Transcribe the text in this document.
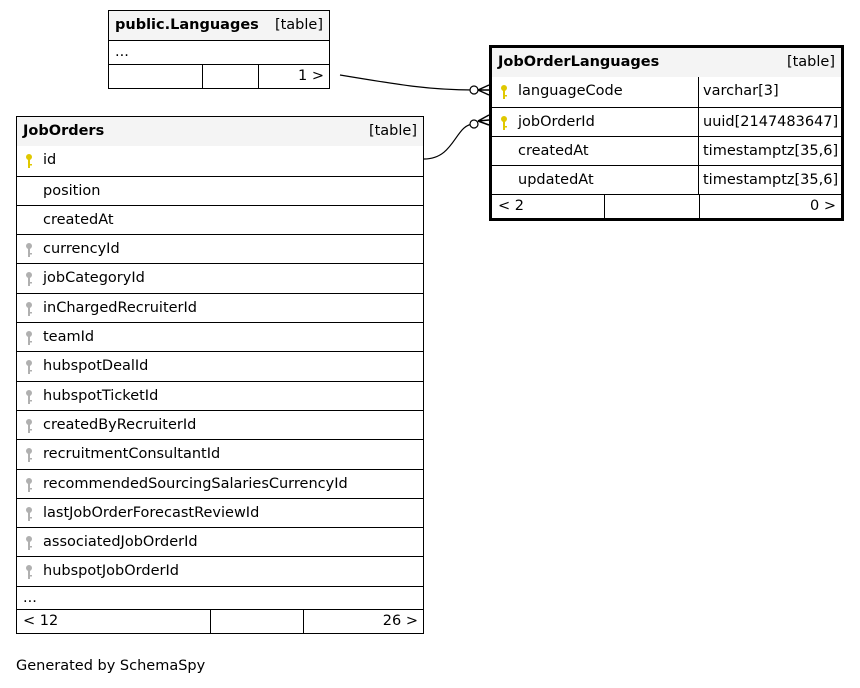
public.Languages [table]
...
1 >
JobOrderLanguages	[table]
languageCode	varchar[3]
jobOrderId	uuid[2147483647]
createdAt	timestamptz[35,6]
updatedAt	timestamptz[35,6]
< 2	0 >
JobOrders	[table]
id
position
createdAt
currencyId
jobCategoryId
inChargedRecruiterId
teamId
hubspotDealId
hubspotTicketId
createdByRecruiterId
recruitmentConsultantId
recommendedSourcingSalariesCurrencyId
lastJobOrderForecastReviewId
associatedJobOrderId
hubspotJobOrderId
...
< 12	26 >
Generated by SchemaSpy
